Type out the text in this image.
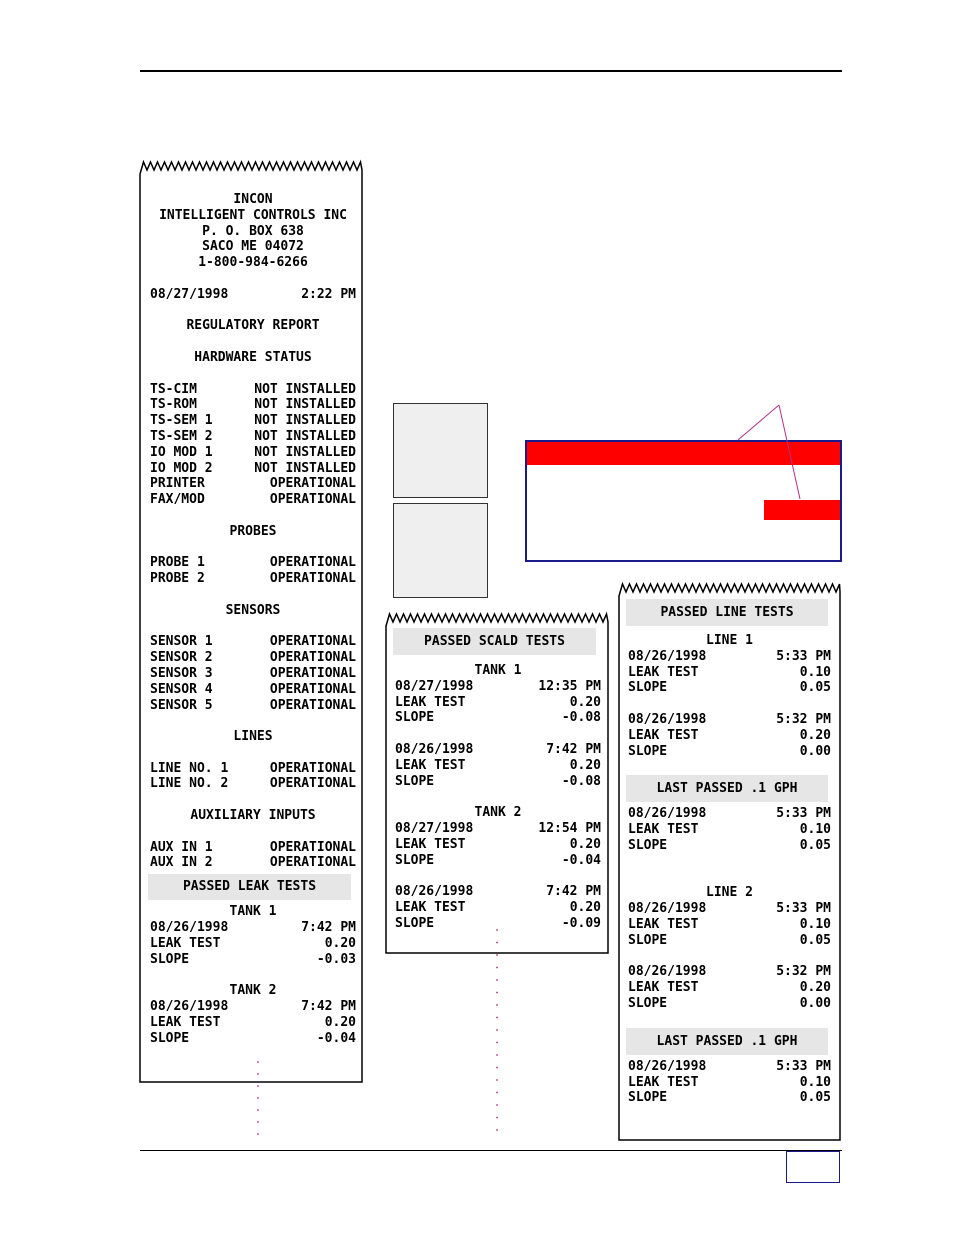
INCON
INTELLIGENT CONTROLS INC
P. O. BOX 638
SACO ME 04072
1-800-984-6266
08/27/1998	2:22 PM
REGULATORY REPORT
HARDWARE STATUS
TS-CIM	NOT INSTALLED
TS-ROM	NOT INSTALLED
TS-SEM 1	NOT INSTALLED
TS-SEM 2	NOT INSTALLED
IO MOD 1	NOT INSTALLED
IO MOD 2	NOT INSTALLED
PRINTER	OPERATIONAL
FAX/MOD	OPERATIONAL
PROBES
PROBE 1	OPERATIONAL
PROBE 2	OPERATIONAL
SENSORS
SENSOR 1	OPERATIONAL
SENSOR 2	OPERATIONAL
SENSOR 3	OPERATIONAL
SENSOR 4	OPERATIONAL
SENSOR 5	OPERATIONAL
LINES
LINE NO. 1	OPERATIONAL
LINE NO. 2	OPERATIONAL
AUXILIARY INPUTS
AUX IN 1	OPERATIONAL
AUX IN 2	OPERATIONAL
PASSED LEAK TESTS
TANK 1
08/26/1998	7:42 PM
LEAK TEST	0.20
SLOPE	-0.03
TANK 2
08/26/1998	7:42 PM
LEAK TEST	0.20
SLOPE	-0.04
PASSED SCALD TESTS
TANK 1
08/27/1998	12:35 PM
LEAK TEST	0.20
SLOPE	-0.08
08/26/1998	7:42 PM
LEAK TEST	0.20
SLOPE	-0.08
TANK 2
08/27/1998	12:54 PM
LEAK TEST	0.20
SLOPE	-0.04
08/26/1998	7:42 PM
LEAK TEST	0.20
SLOPE	-0.09
PASSED LINE TESTS
LINE 1
08/26/1998	5:33 PM
LEAK TEST	0.10
SLOPE	0.05
08/26/1998	5:32 PM
LEAK TEST	0.20
SLOPE	0.00
LAST PASSED .1 GPH
08/26/1998	5:33 PM
LEAK TEST	0.10
SLOPE	0.05
LINE 2
08/26/1998	5:33 PM
LEAK TEST	0.10
SLOPE	0.05
08/26/1998	5:32 PM
LEAK TEST	0.20
SLOPE	0.00
LAST PASSED .1 GPH
08/26/1998	5:33 PM
LEAK TEST	0.10
SLOPE	0.05
